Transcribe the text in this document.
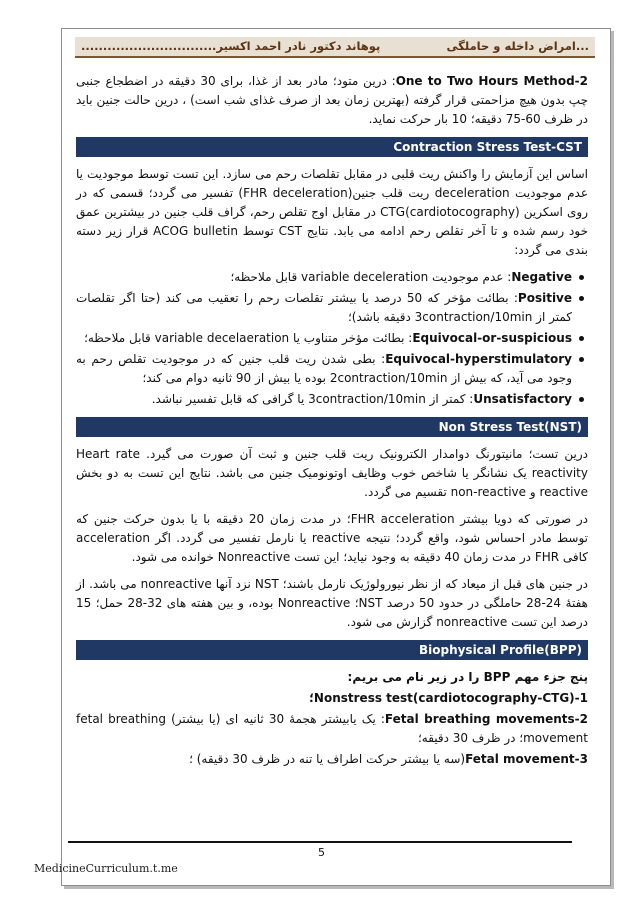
امراض داخله و حاملگی...
...............................پوهاند دکتور نادر احمد اکسیر

One to Two Hours Method-2: درین متود؛ مادر بعد از غذا، برای 30 دقیقه در اضطجاع جنبی چپ بدون هیچ مزاحمتی قرار گرفته (بهترین زمان بعد از صرف غذای شب است) ، درین حالت جنین باید در ظرف 60-75 دقیقه؛ 10 بار حرکت نماید.

Contraction Stress Test-CST

اساس این آزمایش را واکنش ریت قلبی در مقابل تقلصات رحم می سازد. این تست توسط موجودیت یا عدم موجودیت deceleration ریت قلب جنین(FHR deceleration) تفسیر می گردد؛ قسمی که در روی اسکرین CTG(cardiotocography) در مقابل اوج تقلص رحم، گراف قلب جنین در بیشترین عمق خود رسم شده و تا آخر تقلص رحم ادامه می یابد. نتایج CST توسط ACOG bulletin قرار زیر دسته بندی می گردد:

Negative: عدم موجودیت variable deceleration قابل ملاحظه؛
Positive: بطائت مؤخر که 50 درصد یا بیشتر تقلصات رحم را تعقیب می کند (حتا اگر تقلصات کمتر از 3contraction/10min دقیقه باشد)؛
Equivocal-or-suspicious: بطائت مؤخر متناوب یا variable decelaeration قابل ملاحظه؛
Equivocal-hyperstimulatory: بطی شدن ریت قلب جنین که در موجودیت تقلص رحم به وجود می آید، که بیش از 2contraction/10min بوده یا بیش از 90 ثانیه دوام می کند؛
Unsatisfactory: کمتر از 3contraction/10min یا گرافی که قابل تفسیر نباشد.
Non Stress Test(NST)

درین تست؛ مانیتورنگ دوامدار الکترونیک ریت قلب جنین و ثبت آن صورت می گیرد. Heart rate reactivity یک نشانگر یا شاخص خوب وظایف اوتونومیک جنین می باشد. نتایج این تست به دو بخش reactive و non-reactive تقسیم می گردد.

در صورتی که دویا بیشتر FHR acceleration؛ در مدت زمان 20 دقیقه با یا بدون حرکت جنین که توسط مادر احساس شود، واقع گردد؛ نتیجه reactive یا نارمل تفسیر می گردد. اگر acceleration کافی FHR در مدت زمان 40 دقیقه به وجود نیاید؛ این تست Nonreactive خوانده می شود.

در جنین های قبل از میعاد که از نظر نیورولوژیک نارمل باشند؛ NST نزد آنها nonreactive می باشد. از هفتهٔ 24-28 حاملگی در حدود 50 درصد NST؛ Nonreactive بوده، و بین هفته های 32-28 حمل؛ 15 درصد این تست nonreactive گزارش می شود.

Biophysical Profile(BPP)
پنج جزء مهم BPP را در زیر نام می بریم:
Nonstress test(cardiotocography-CTG)-1؛
Fetal breathing movements-2: یک یابیشتر هجمهٔ 30 ثانیه ای (یا بیشتر) fetal breathing movement؛ در ظرف 30 دقیقه؛
Fetal movement-3(سه یا بیشتر حرکت اطراف یا تنه در ظرف 30 دقیقه) ؛
5
MedicineCurriculum.t.me
